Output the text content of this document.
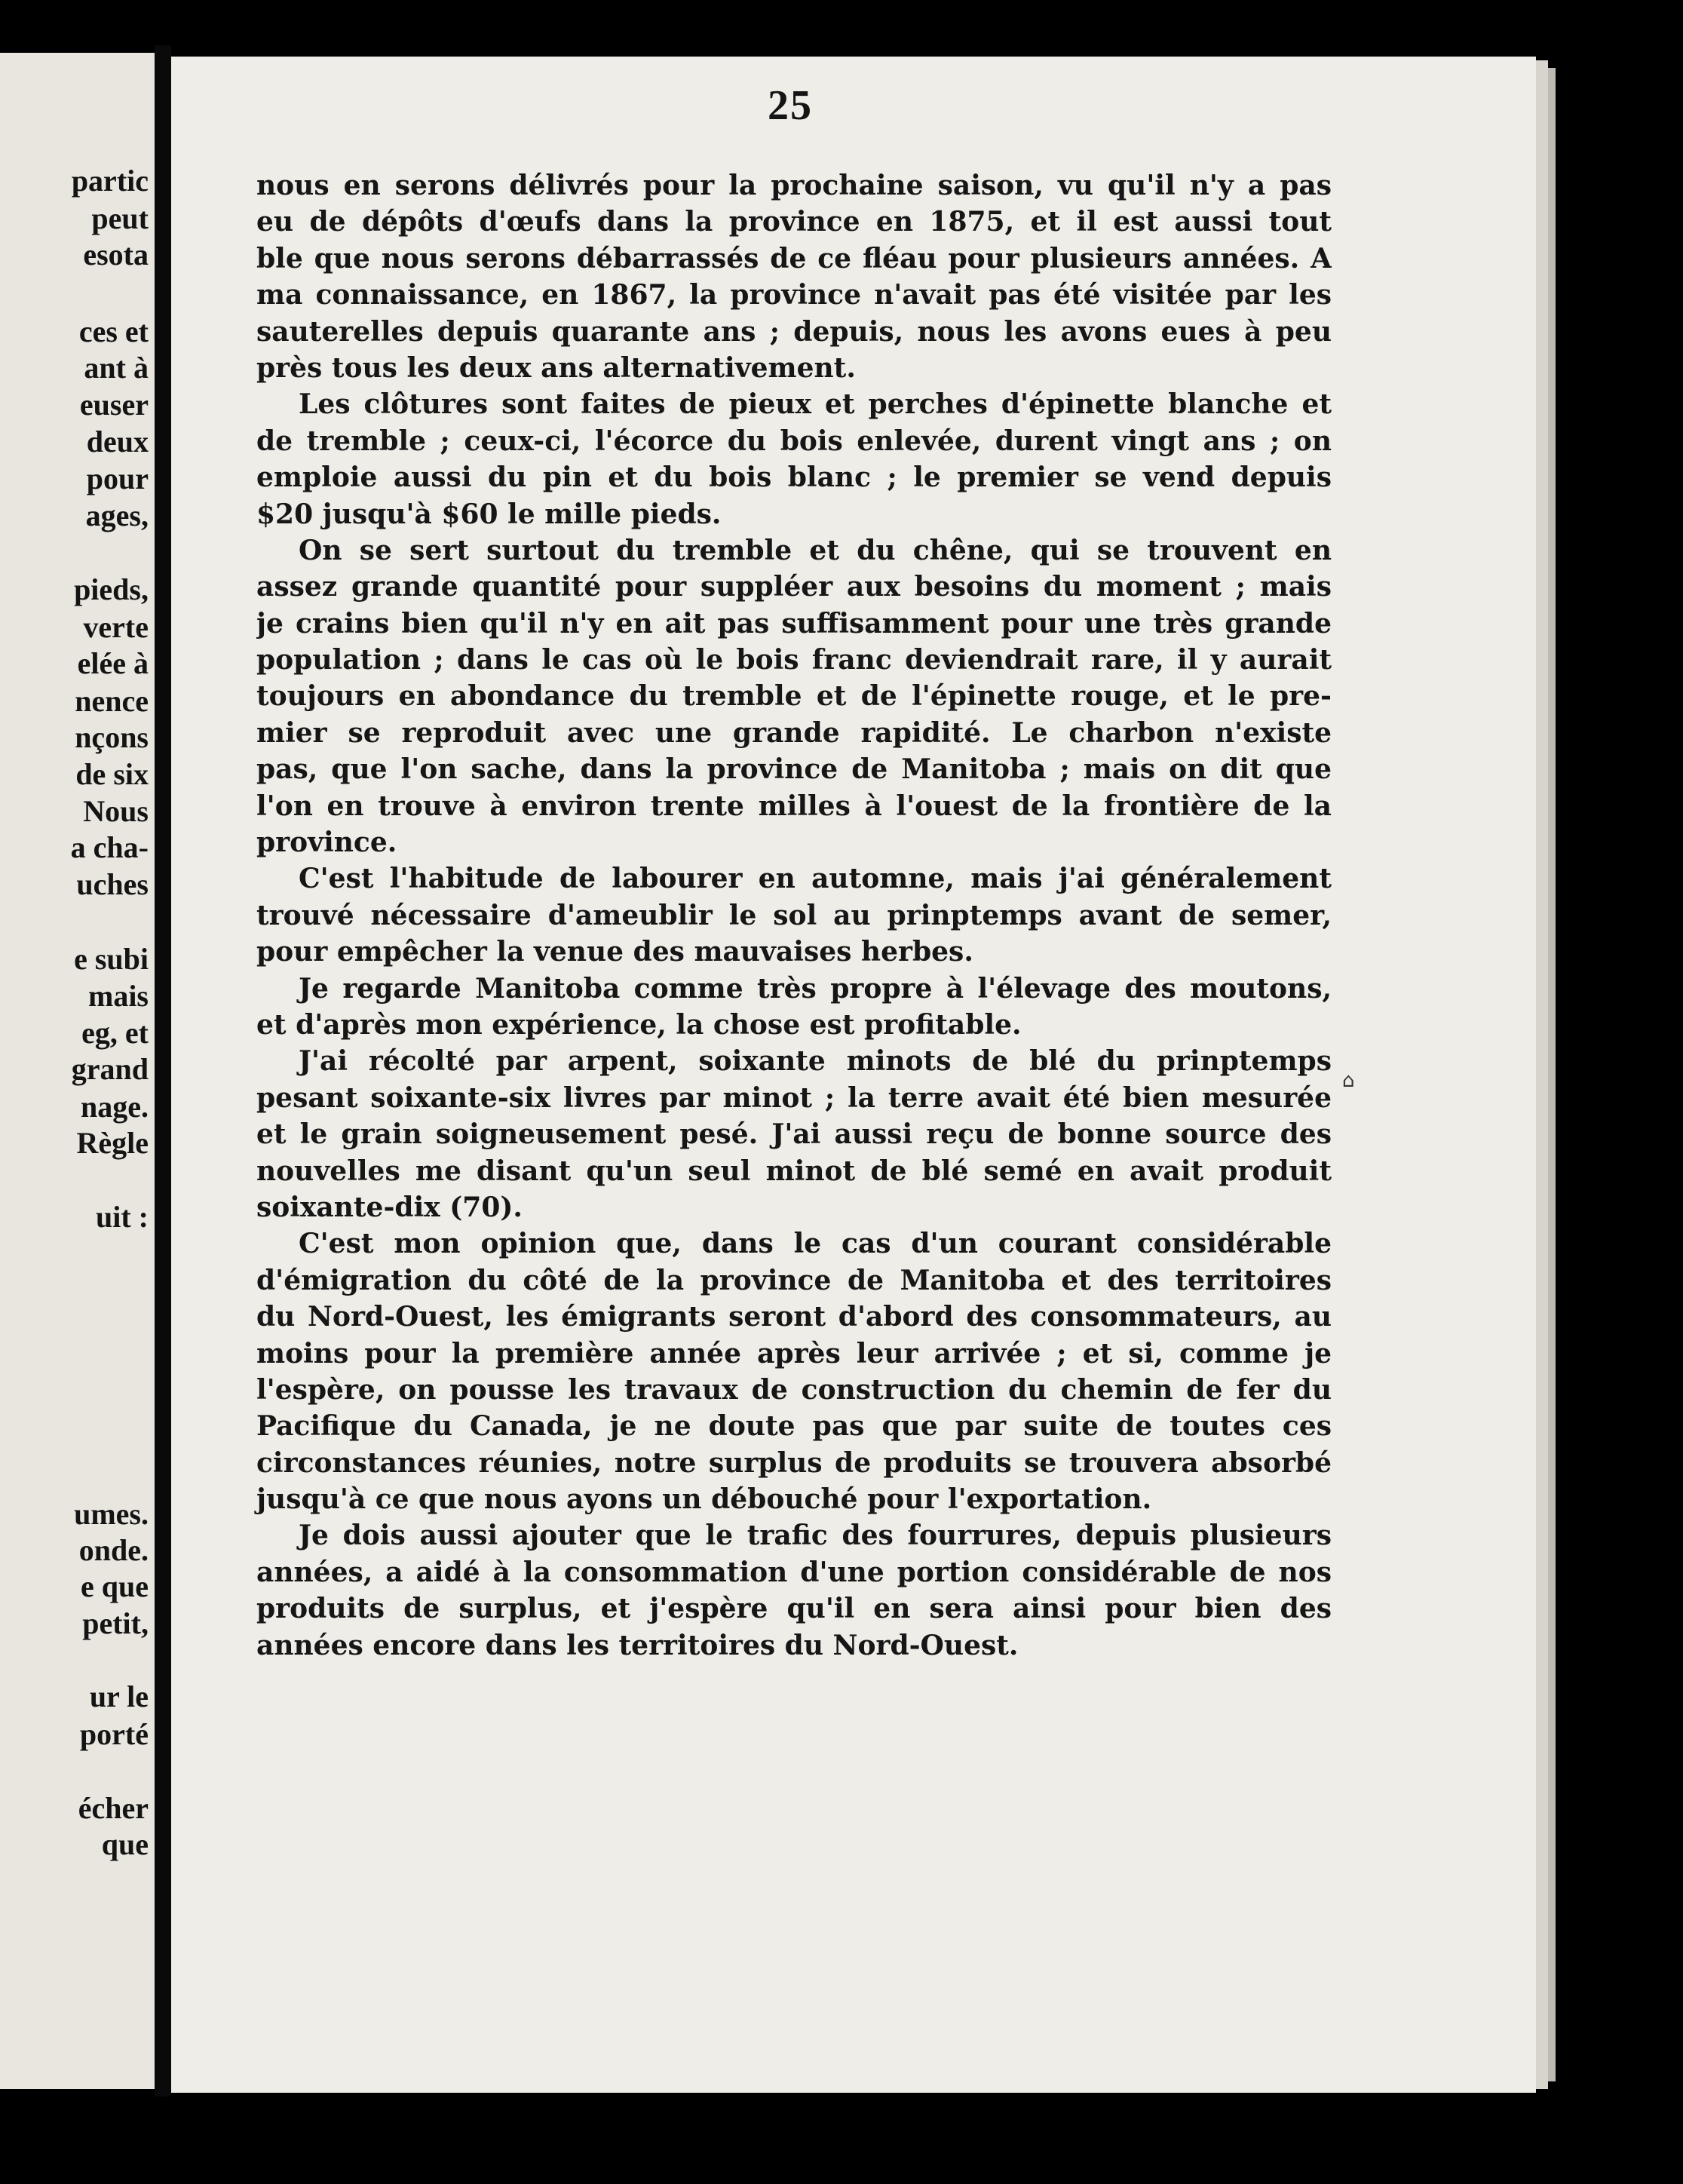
partic
peut
esota
ces et
ant à
euser
deux
pour
ages,
pieds,
verte
elée à
nence
nçons
de six
Nous
a cha-
uches
e subi
mais
eg, et
grand
nage.
Règle
uit :
umes.
onde.
e que
petit,
ur le
porté
écher
que
25
nous en serons délivrés pour la prochaine saison, vu qu'il n'y a pas
eu de dépôts d'œufs dans la province en 1875, et il est aussi tout
ble que nous serons débarrassés de ce fléau pour plusieurs années. A
ma connaissance, en 1867, la province n'avait pas été visitée par les
sauterelles depuis quarante ans ; depuis, nous les avons eues à peu
près tous les deux ans alternativement.
Les clôtures sont faites de pieux et perches d'épinette blanche et
de tremble ; ceux-ci, l'écorce du bois enlevée, durent vingt ans ; on
emploie aussi du pin et du bois blanc ; le premier se vend depuis
$20 jusqu'à $60 le mille pieds.
On se sert surtout du tremble et du chêne, qui se trouvent en
assez grande quantité pour suppléer aux besoins du moment ; mais
je crains bien qu'il n'y en ait pas suffisamment pour une très grande
population ; dans le cas où le bois franc deviendrait rare, il y aurait
toujours en abondance du tremble et de l'épinette rouge, et le pre-
mier se reproduit avec une grande rapidité. Le charbon n'existe
pas, que l'on sache, dans la province de Manitoba ; mais on dit que
l'on en trouve à environ trente milles à l'ouest de la frontière de la
province.
C'est l'habitude de labourer en automne, mais j'ai généralement
trouvé nécessaire d'ameublir le sol au prinptemps avant de semer,
pour empêcher la venue des mauvaises herbes.
Je regarde Manitoba comme très propre à l'élevage des moutons,
et d'après mon expérience, la chose est profitable.
J'ai récolté par arpent, soixante minots de blé du prinptemps
pesant soixante-six livres par minot ; la terre avait été bien mesurée
et le grain soigneusement pesé. J'ai aussi reçu de bonne source des
nouvelles me disant qu'un seul minot de blé semé en avait produit
soixante-dix (70).
C'est mon opinion que, dans le cas d'un courant considérable
d'émigration du côté de la province de Manitoba et des territoires
du Nord-Ouest, les émigrants seront d'abord des consommateurs, au
moins pour la première année après leur arrivée ; et si, comme je
l'espère, on pousse les travaux de construction du chemin de fer du
Pacifique du Canada, je ne doute pas que par suite de toutes ces
circonstances réunies, notre surplus de produits se trouvera absorbé
jusqu'à ce que nous ayons un débouché pour l'exportation.
Je dois aussi ajouter que le trafic des fourrures, depuis plusieurs
années, a aidé à la consommation d'une portion considérable de nos
produits de surplus, et j'espère qu'il en sera ainsi pour bien des
années encore dans les territoires du Nord-Ouest.
⌂
